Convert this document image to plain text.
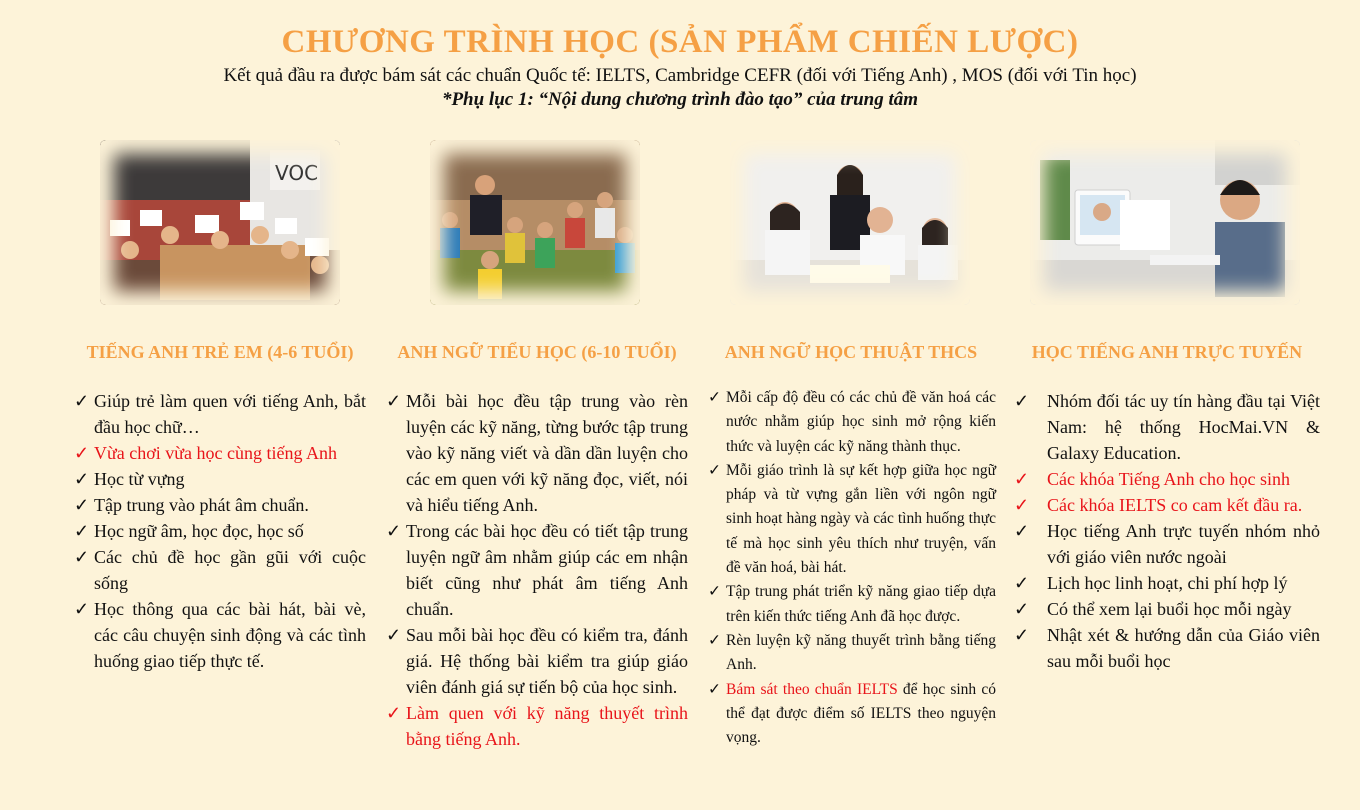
CHƯƠNG TRÌNH HỌC (SẢN PHẨM CHIẾN LƯỢC)
Kết quả đầu ra được bám sát các chuẩn Quốc tế: IELTS, Cambridge CEFR (đối với Tiếng Anh) , MOS (đối với Tin học)
*Phụ lục 1: “Nội dung chương trình đào tạo” của trung tâm
VOC
TIẾNG ANH TRẺ EM (4-6 TUỔI)	ANH NGỮ TIỂU HỌC (6-10 TUỔI)	ANH NGỮ HỌC THUẬT THCS	HỌC TIẾNG ANH TRỰC TUYẾN
✓ Giúp trẻ làm quen với tiếng Anh, bắt đầu học chữ…
✓ Vừa chơi vừa học cùng tiếng Anh
✓ Học từ vựng
✓ Tập trung vào phát âm chuẩn.
✓ Học ngữ âm, học đọc, học số
✓ Các chủ đề học gần gũi với cuộc sống
✓ Học thông qua các bài hát, bài vè, các câu chuyện sinh động và các tình huống giao tiếp thực tế.
✓ Mỗi bài học đều tập trung vào rèn luyện các kỹ năng, từng bước tập trung vào kỹ năng viết và dần dần luyện cho các em quen với kỹ năng đọc, viết, nói và hiểu tiếng Anh.
✓ Trong các bài học đều có tiết tập trung luyện ngữ âm nhằm giúp các em nhận biết cũng như phát âm tiếng Anh chuẩn.
✓ Sau mỗi bài học đều có kiểm tra, đánh giá. Hệ thống bài kiểm tra giúp giáo viên đánh giá sự tiến bộ của học sinh.
✓ Làm quen với kỹ năng thuyết trình bằng tiếng Anh.
✓ Mỗi cấp độ đều có các chủ đề văn hoá các nước nhằm giúp học sinh mở rộng kiến thức và luyện các kỹ năng thành thục.
✓ Mỗi giáo trình là sự kết hợp giữa học ngữ pháp và từ vựng gắn liền với ngôn ngữ sinh hoạt hàng ngày và các tình huống thực tế mà học sinh yêu thích như truyện, vấn đề văn hoá, bài hát.
✓ Tập trung phát triển kỹ năng giao tiếp dựa trên kiến thức tiếng Anh đã học được.
✓ Rèn luyện kỹ năng thuyết trình bằng tiếng Anh.
✓ Bám sát theo chuẩn IELTS để học sinh có thể đạt được điểm số IELTS theo nguyện vọng.
✓ Nhóm đối tác uy tín hàng đầu tại Việt Nam: hệ thống HocMai.VN & Galaxy Education.
✓ Các khóa Tiếng Anh cho học sinh
✓ Các khóa IELTS co cam kết đầu ra.
✓ Học tiếng Anh trực tuyến nhóm nhỏ với giáo viên nước ngoài
✓ Lịch học linh hoạt, chi phí hợp lý
✓ Có thể xem lại buổi học mỗi ngày
✓ Nhật xét & hướng dẫn của Giáo viên sau mỗi buổi học
